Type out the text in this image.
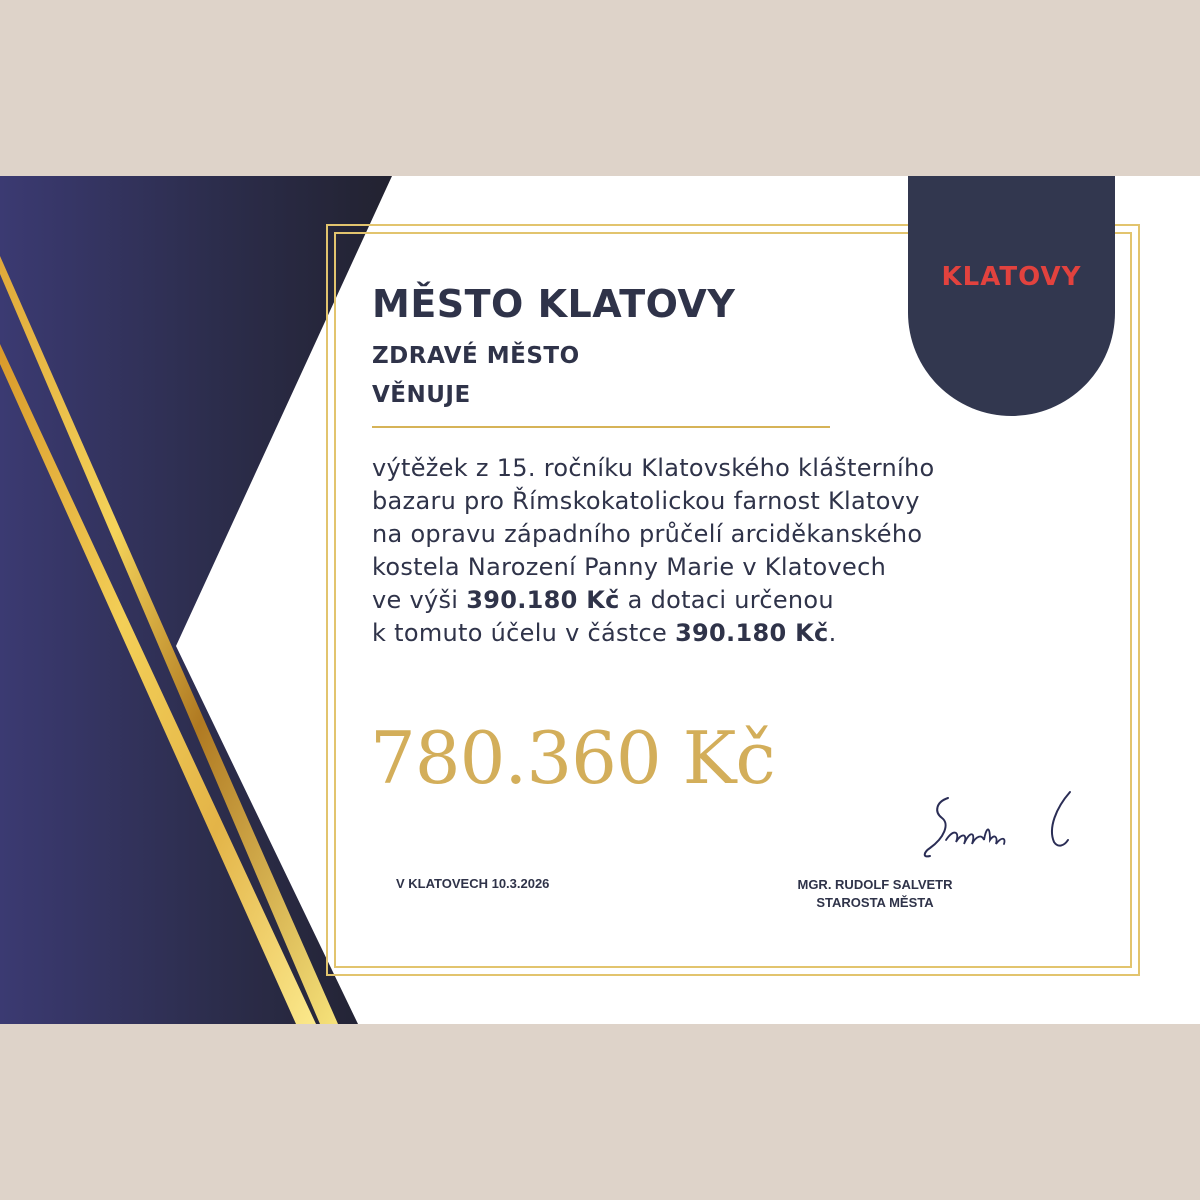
KLATOVY
MĚSTO KLATOVY
ZDRAVÉ MĚSTO
VĚNUJE
výtěžek z 15. ročníku Klatovského klášterního
bazaru pro Římskokatolickou farnost Klatovy
na opravu západního průčelí arciděkanského
kostela Narození Panny Marie v Klatovech
ve výši 390.180 Kč a dotaci určenou
k tomuto účelu v částce 390.180 Kč.
780.360 Kč
V KLATOVECH 10.3.2026	MGR. RUDOLF SALVETR
STAROSTA MĚSTA
